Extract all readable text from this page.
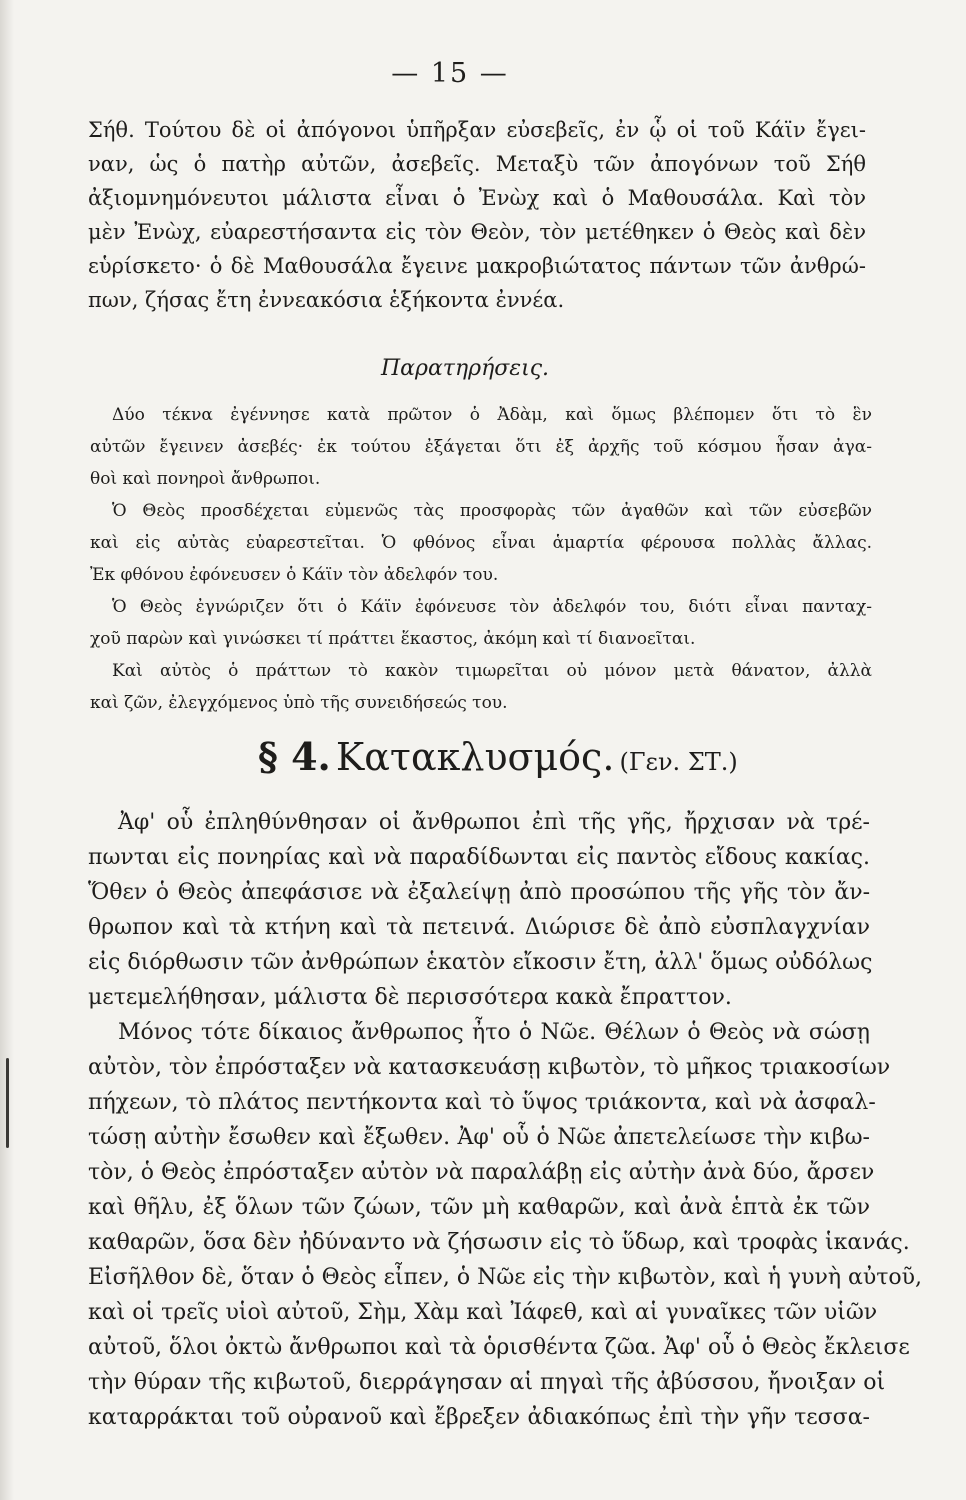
— 15 —
Σήθ. Τούτου δὲ οἱ ἀπόγονοι ὑπῆρξαν εὐσεβεῖς, ἐν ᾧ οἱ τοῦ Κάϊν ἔγει-
ναν, ὡς ὁ πατὴρ αὐτῶν, ἀσεβεῖς. Μεταξὺ τῶν ἀπογόνων τοῦ Σήθ
ἀξιομνημόνευτοι μάλιστα εἶναι ὁ Ἐνὼχ καὶ ὁ Μαθουσάλα. Καὶ τὸν
μὲν Ἐνὼχ, εὐαρεστήσαντα εἰς τὸν Θεὸν, τὸν μετέθηκεν ὁ Θεὸς καὶ δὲν
εὑρίσκετο· ὁ δὲ Μαθουσάλα ἔγεινε μακροβιώτατος πάντων τῶν ἀνθρώ-
πων, ζήσας ἔτη ἐννεακόσια ἑξήκοντα ἐννέα.
Παρατηρήσεις.
Δύο τέκνα ἐγέννησε κατὰ πρῶτον ὁ Ἀδὰμ, καὶ ὅμως βλέπομεν ὅτι τὸ ἓν
αὐτῶν ἔγεινεν ἀσεβές· ἐκ τούτου ἐξάγεται ὅτι ἐξ ἀρχῆς τοῦ κόσμου ἦσαν ἀγα-
θοὶ καὶ πονηροὶ ἄνθρωποι.
Ὁ Θεὸς προσδέχεται εὐμενῶς τὰς προσφορὰς τῶν ἀγαθῶν καὶ τῶν εὐσεβῶν
καὶ εἰς αὐτὰς εὐαρεστεῖται. Ὁ φθόνος εἶναι ἁμαρτία φέρουσα πολλὰς ἄλλας.
Ἐκ φθόνου ἐφόνευσεν ὁ Κάϊν τὸν ἀδελφόν του.
Ὁ Θεὸς ἐγνώριζεν ὅτι ὁ Κάϊν ἐφόνευσε τὸν ἀδελφόν του, διότι εἶναι πανταχ-
χοῦ παρὼν καὶ γινώσκει τί πράττει ἕκαστος, ἀκόμη καὶ τί διανοεῖται.
Καὶ αὐτὸς ὁ πράττων τὸ κακὸν τιμωρεῖται οὐ μόνον μετὰ θάνατον, ἀλλὰ
καὶ ζῶν, ἐλεγχόμενος ὑπὸ τῆς συνειδήσεώς του.
§ 4. Κατακλυσμός. (Γεν. ΣΤ.)
Ἀφ' οὗ ἐπληθύνθησαν οἱ ἄνθρωποι ἐπὶ τῆς γῆς, ἤρχισαν νὰ τρέ-
πωνται εἰς πονηρίας καὶ νὰ παραδίδωνται εἰς παντὸς εἴδους κακίας.
Ὅθεν ὁ Θεὸς ἀπεφάσισε νὰ ἐξαλείψῃ ἀπὸ προσώπου τῆς γῆς τὸν ἄν-
θρωπον καὶ τὰ κτήνη καὶ τὰ πετεινά. Διώρισε δὲ ἀπὸ εὐσπλαγχνίαν
εἰς διόρθωσιν τῶν ἀνθρώπων ἑκατὸν εἴκοσιν ἔτη, ἀλλ' ὅμως οὐδόλως
μετεμελήθησαν, μάλιστα δὲ περισσότερα κακὰ ἔπραττον.
Μόνος τότε δίκαιος ἄνθρωπος ἦτο ὁ Νῶε. Θέλων ὁ Θεὸς νὰ σώσῃ
αὐτὸν, τὸν ἐπρόσταξεν νὰ κατασκευάσῃ κιβωτὸν, τὸ μῆκος τριακοσίων
πήχεων, τὸ πλάτος πεντήκοντα καὶ τὸ ὕψος τριάκοντα, καὶ νὰ ἀσφαλ-
τώσῃ αὐτὴν ἔσωθεν καὶ ἔξωθεν. Ἀφ' οὗ ὁ Νῶε ἀπετελείωσε τὴν κιβω-
τὸν, ὁ Θεὸς ἐπρόσταξεν αὐτὸν νὰ παραλάβῃ εἰς αὐτὴν ἀνὰ δύο, ἄρσεν
καὶ θῆλυ, ἐξ ὅλων τῶν ζώων, τῶν μὴ καθαρῶν, καὶ ἀνὰ ἑπτὰ ἐκ τῶν
καθαρῶν, ὅσα δὲν ἠδύναντο νὰ ζήσωσιν εἰς τὸ ὕδωρ, καὶ τροφὰς ἱκανάς.
Εἰσῆλθον δὲ, ὅταν ὁ Θεὸς εἶπεν, ὁ Νῶε εἰς τὴν κιβωτὸν, καὶ ἡ γυνὴ αὐτοῦ,
καὶ οἱ τρεῖς υἱοὶ αὐτοῦ, Σὴμ, Χὰμ καὶ Ἰάφεθ, καὶ αἱ γυναῖκες τῶν υἱῶν
αὐτοῦ, ὅλοι ὀκτὼ ἄνθρωποι καὶ τὰ ὁρισθέντα ζῶα. Ἀφ' οὗ ὁ Θεὸς ἔκλεισε
τὴν θύραν τῆς κιβωτοῦ, διερράγησαν αἱ πηγαὶ τῆς ἀβύσσου, ἤνοιξαν οἱ
καταρράκται τοῦ οὐρανοῦ καὶ ἔβρεξεν ἀδιακόπως ἐπὶ τὴν γῆν τεσσα-
